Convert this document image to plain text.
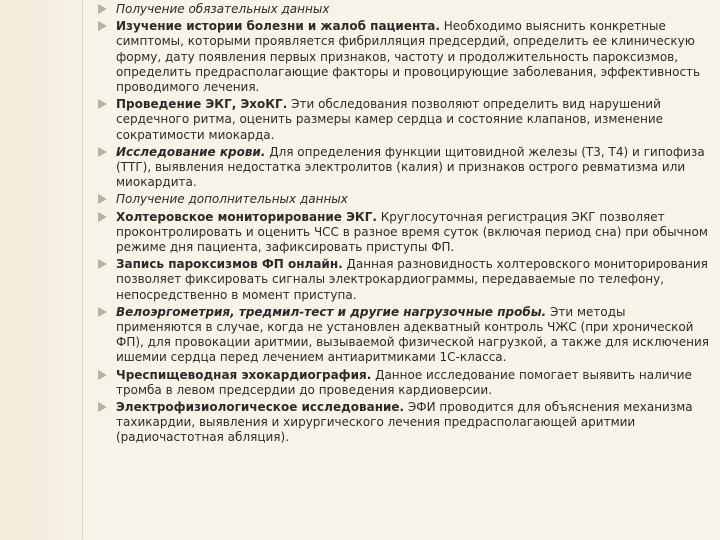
Получение обязательных данных
Изучение истории болезни и жалоб пациента. Необходимо выяснить конкретные симптомы, которыми проявляется фибрилляция предсердий, определить ее клиническую форму, дату появления первых признаков, частоту и продолжительность пароксизмов, определить предрасполагающие факторы и провоцирующие заболевания, эффективность проводимого лечения.
Проведение ЭКГ, ЭхоКГ. Эти обследования позволяют определить вид нарушений сердечного ритма, оценить размеры камер сердца и состояние клапанов, изменение сократимости миокарда.
Исследование крови. Для определения функции щитовидной железы (Т3, Т4) и гипофиза (ТТГ), выявления недостатка электролитов (калия) и признаков острого ревматизма или миокардита.
Получение дополнительных данных
Холтеровское мониторирование ЭКГ. Круглосуточная регистрация ЭКГ позволяет проконтролировать и оценить ЧСС в разное время суток (включая период сна) при обычном режиме дня пациента, зафиксировать приступы ФП.
Запись пароксизмов ФП онлайн. Данная разновидность холтеровского мониторирования позволяет фиксировать сигналы электрокардиограммы, передаваемые по телефону, непосредственно в момент приступа.
Велоэргометрия, тредмил-тест и другие нагрузочные пробы. Эти методы применяются в случае, когда не установлен адекватный контроль ЧЖС (при хронической ФП), для провокации аритмии, вызываемой физической нагрузкой, а также для исключения ишемии сердца перед лечением антиаритмиками 1С-класса.
Чреспищеводная эхокардиография. Данное исследование помогает выявить наличие тромба в левом предсердии до проведения кардиоверсии.
Электрофизиологическое исследование. ЭФИ проводится для объяснения механизма тахикардии, выявления и хирургического лечения предрасполагающей аритмии (радиочастотная абляция).
